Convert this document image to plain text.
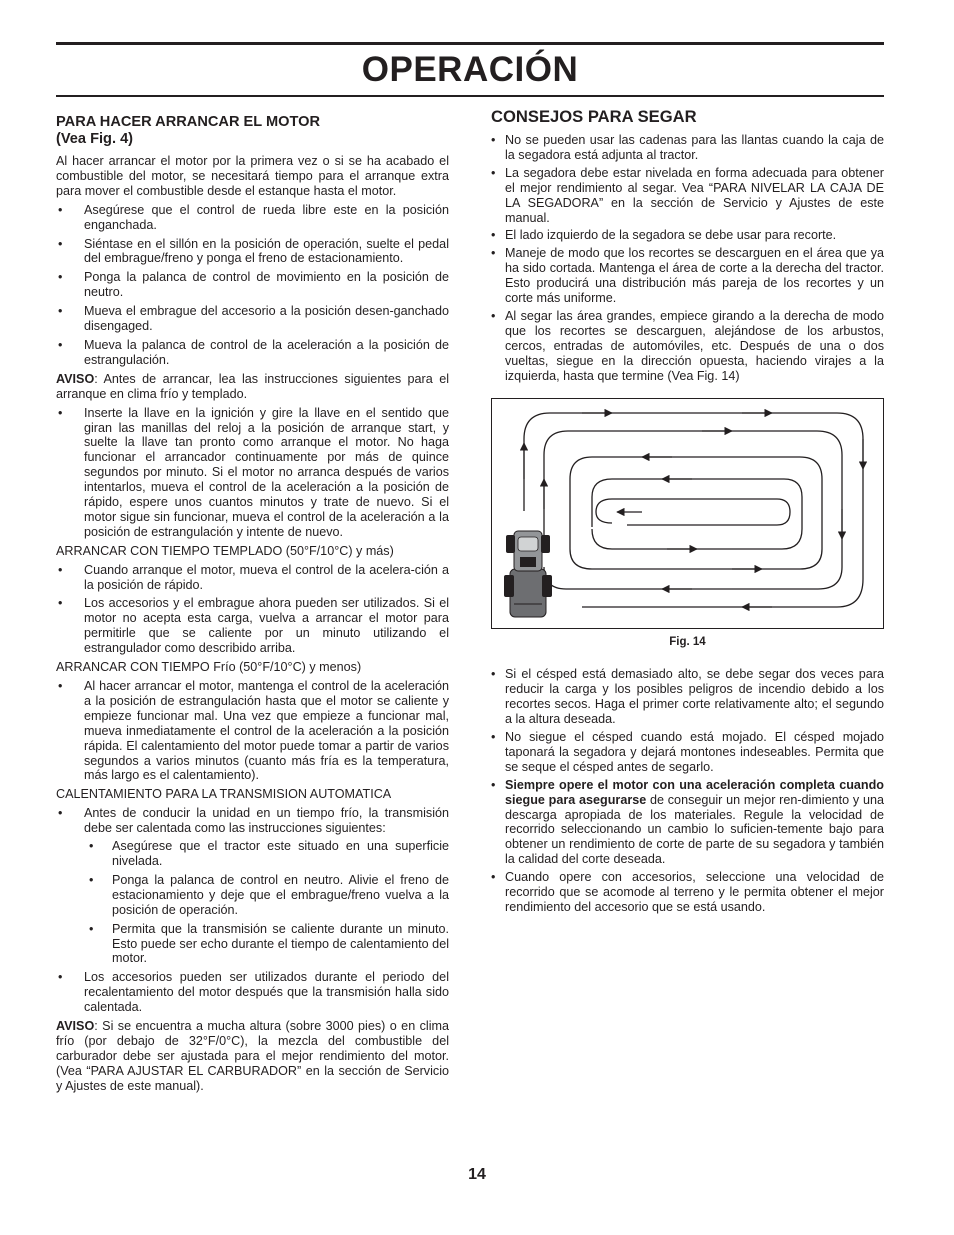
OPERACIÓN
PARA HACER ARRANCAR EL MOTOR
(Vea Fig. 4)

Al hacer arrancar el motor por la primera vez o si se ha acabado el combustible del motor, se necesitará tiempo para el arranque extra para mover el combustible desde el estanque hasta el motor.

• Asegúrese que el control de rueda libre este en la posición enganchada.
• Siéntase en el sillón en la posición de operación, suelte el pedal del embrague/freno y ponga el freno de estacionamiento.
• Ponga la palanca de control de movimiento en la posición de neutro.
• Mueva el embrague del accesorio a la posición desen-ganchado disengaged.
• Mueva la palanca de control de la aceleración a la posición de estrangulación.

AVISO: Antes de arrancar, lea las instrucciones siguientes para el arranque en clima frío y templado.

• Inserte la llave en la ignición y gire la llave en el sentido que giran las manillas del reloj a la posición de arranque start, y suelte la llave tan pronto como arranque el motor. No haga funcionar el arrancador continuamente por más de quince segundos por minuto. Si el motor no arranca después de varios intentarlos, mueva el control de la aceleración a la posición de rápido, espere unos cuantos minutos y trate de nuevo. Si el motor sigue sin funcionar, mueva el control de la aceleración a la posición de estrangulación y intente de nuevo.
ARRANCAR CON TIEMPO TEMPLADO (50°F/10°C) y más)
• Cuando arranque el motor, mueva el control de la acelera-ción a la posición de rápido.
• Los accesorios y el embrague ahora pueden ser utilizados. Si el motor no acepta esta carga, vuelva a arrancar el motor para permitirle que se caliente por un minuto utilizando el estrangulador como describido arriba.
ARRANCAR CON TIEMPO Frío (50°F/10°C) y menos)
• Al hacer arrancar el motor, mantenga el control de la aceleración a la posición de estrangulación hasta que el motor se caliente y empieze funcionar mal. Una vez que empieze a funcionar mal, mueva inmediatamente el control de la aceleración a la posición rápida. El calentamiento del motor puede tomar a partir de varios segundos a varios minutos (cuanto más fría es la temperatura, más largo es el calentamiento).
CALENTAMIENTO PARA LA TRANSMISION AUTOMATICA
• Antes de conducir la unidad en un tiempo frío, la transmisión debe ser calentada como las instrucciones siguientes:
• Asegúrese que el tractor este situado en una superficie nivelada.
• Ponga la palanca de control en neutro. Alivie el freno de estacionamiento y deje que el embrague/freno vuelva a la posición de operación.
• Permita que la transmisión se caliente durante un minuto. Esto puede ser echo durante el tiempo de calentamiento del motor.
• Los accesorios pueden ser utilizados durante el periodo del recalentamiento del motor después que la transmisión halla sido calentada.

AVISO: Si se encuentra a mucha altura (sobre 3000 pies) o en clima frío (por debajo de 32°F/0°C), la mezcla del combustible del carburador debe ser ajustada para el mejor rendimiento del motor. (Vea “PARA AJUSTAR EL CARBURADOR” en la sección de Servicio y Ajustes de este manual).

CONSEJOS PARA SEGAR
• No se pueden usar las cadenas para las llantas cuando la caja de la segadora está adjunta al tractor.
• La segadora debe estar nivelada en forma adecuada para obtener el mejor rendimiento al segar. Vea “PARA NIVELAR LA CAJA DE LA SEGADORA” en la sección de Servicio y Ajustes de este manual.
• El lado izquierdo de la segadora se debe usar para recorte.
• Maneje de modo que los recortes se descarguen en el área que ya ha sido cortada. Mantenga el área de corte a la derecha del tractor. Esto producirá una distribución más pareja de los recortes y un corte más uniforme.
• Al segar las área grandes, empiece girando a la derecha de modo que los recortes se descarguen, alejándose de los arbustos, cercos, entradas de automóviles, etc. Después de una o dos vueltas, siegue en la dirección opuesta, haciendo virajes a la izquierda, hasta que termine (Vea Fig. 14)
Fig. 14
• Si el césped está demasiado alto, se debe segar dos veces para reducir la carga y los posibles peligros de incendio debido a los recortes secos. Haga el primer corte relativamente alto; el segundo a la altura deseada.
• No siegue el césped cuando está mojado. El césped mojado taponará la segadora y dejará montones indeseables. Permita que se seque el césped antes de segarlo.
• Siempre opere el motor con una aceleración completa cuando siegue para asegurarse de conseguir un mejor ren-dimiento y una descarga apropiada de los materiales. Regule la velocidad de recorrido seleccionando un cambio lo suficien-temente bajo para obtener un rendimiento de corte de parte de su segadora y también la calidad del corte deseada.
• Cuando opere con accesorios, seleccione una velocidad de recorrido que se acomode al terreno y le permita obtener el mejor rendimiento del accesorio que se está usando.
14
